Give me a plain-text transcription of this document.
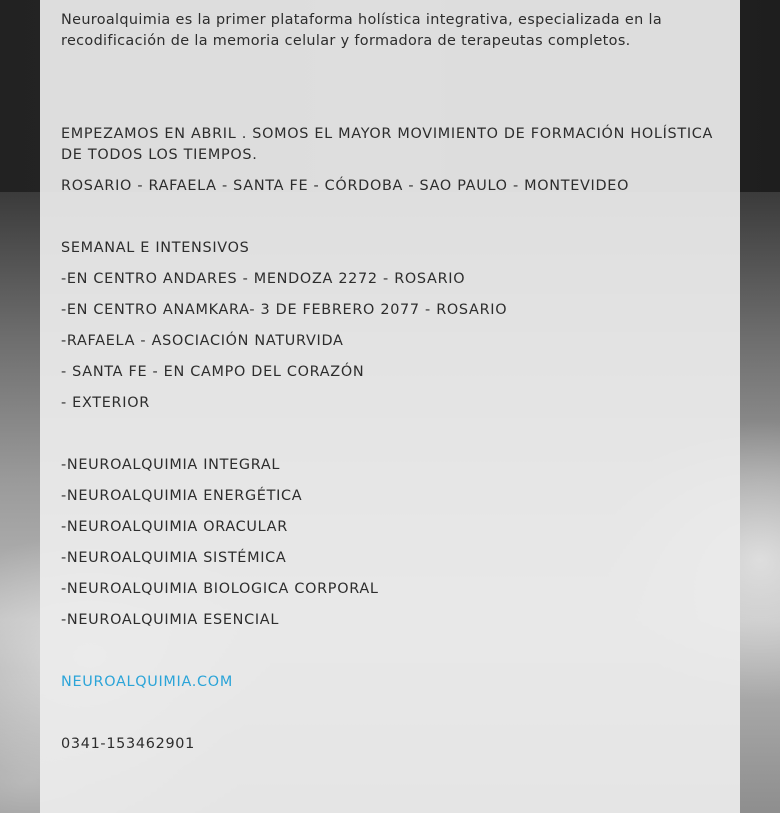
Neuroalquimia es la primer plataforma holística integrativa, especializada en la recodificación de la memoria celular y formadora de terapeutas completos.
EMPEZAMOS EN ABRIL . SOMOS EL MAYOR MOVIMIENTO DE FORMACIÓN HOLÍSTICA DE TODOS LOS TIEMPOS.
ROSARIO - RAFAELA - SANTA FE - CÓRDOBA - SAO PAULO - MONTEVIDEO
SEMANAL E INTENSIVOS
-EN CENTRO ANDARES - MENDOZA 2272 - ROSARIO
-EN CENTRO ANAMKARA- 3 DE FEBRERO 2077 - ROSARIO
-RAFAELA - ASOCIACIÓN NATURVIDA
- SANTA FE - EN CAMPO DEL CORAZÓN
- EXTERIOR
-NEUROALQUIMIA INTEGRAL
-NEUROALQUIMIA ENERGÉTICA
-NEUROALQUIMIA ORACULAR
-NEUROALQUIMIA SISTÉMICA
-NEUROALQUIMIA BIOLOGICA CORPORAL
-NEUROALQUIMIA ESENCIAL
NEUROALQUIMIA.COM
0341-153462901
